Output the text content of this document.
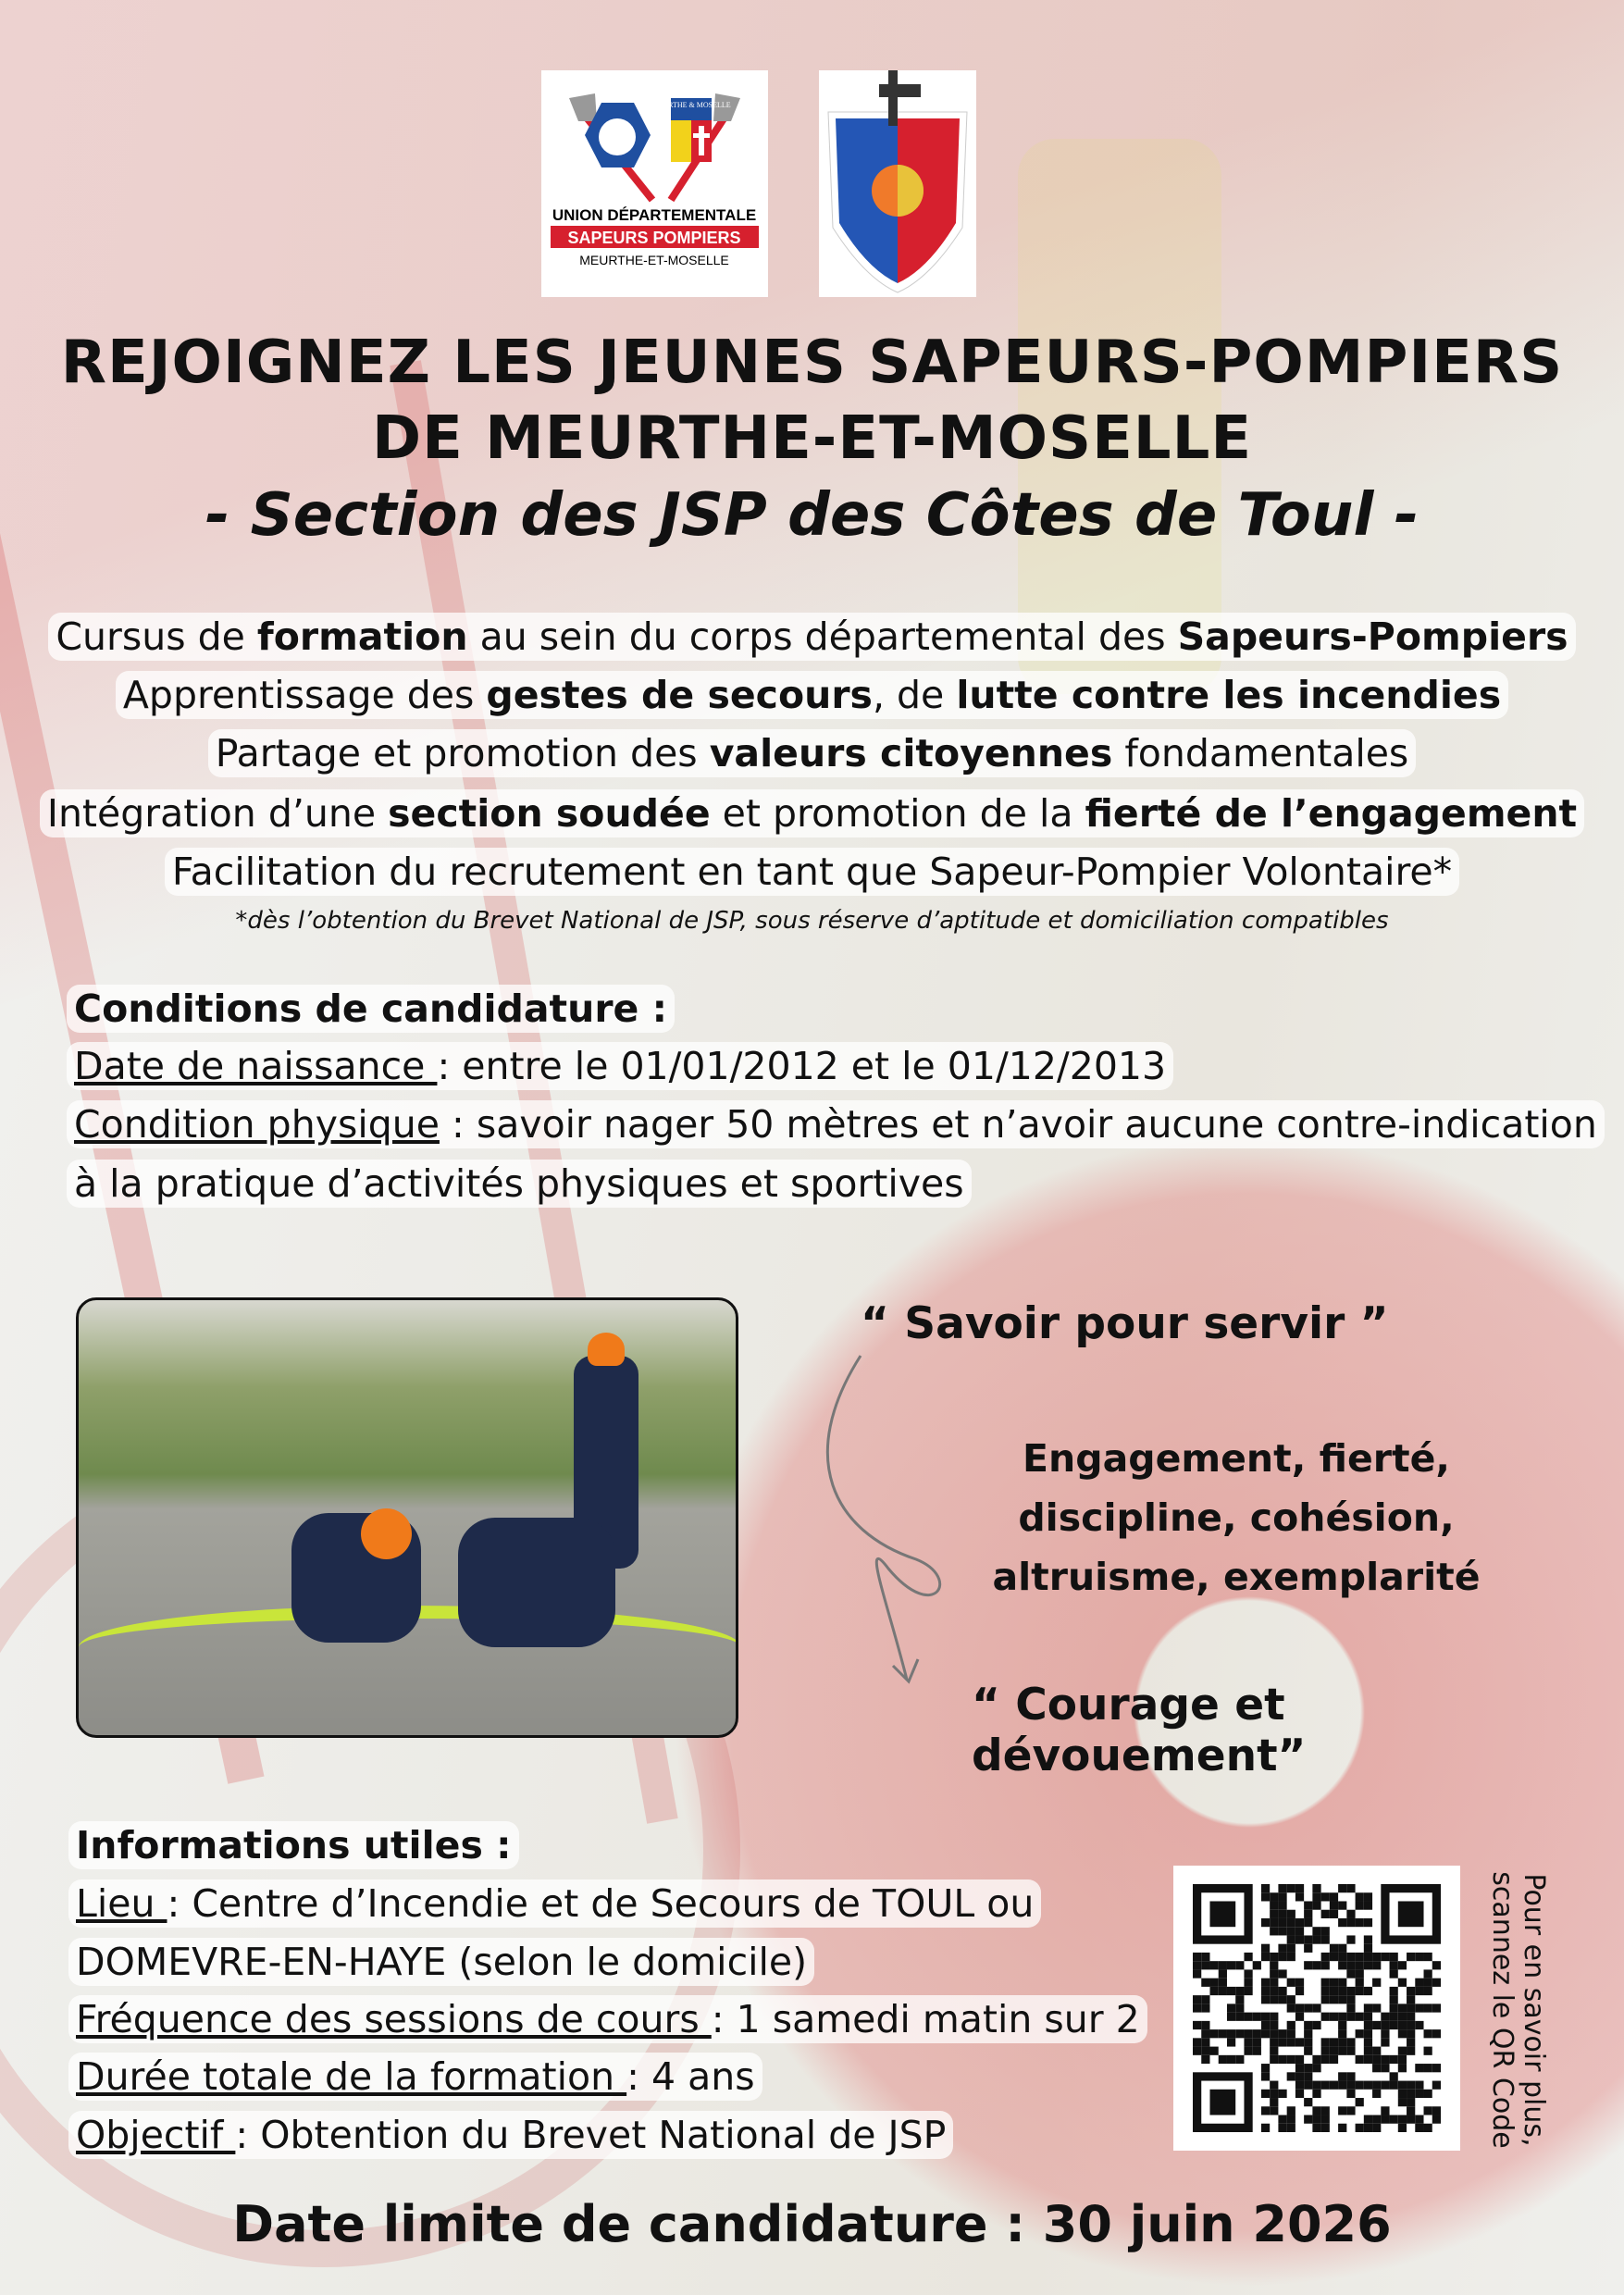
MEURTHE & MOSELLE
UNION DÉPARTEMENTALE
SAPEURS POMPIERS
MEURTHE-ET-MOSELLE
REJOIGNEZ LES JEUNES SAPEURS-POMPIERS
DE MEURTHE-ET-MOSELLE
- Section des JSP des Côtes de Toul -
Cursus de formation au sein du corps départemental des Sapeurs-Pompiers
Apprentissage des gestes de secours, de lutte contre les incendies
Partage et promotion des valeurs citoyennes fondamentales
Intégration d’une section soudée et promotion de la fierté de l’engagement
Facilitation du recrutement en tant que Sapeur-Pompier Volontaire*
*dès l’obtention du Brevet National de JSP, sous réserve d’aptitude et domiciliation compatibles
Conditions de candidature :
Date de naissance : entre le 01/01/2012 et le 01/12/2013
Condition physique : savoir nager 50 mètres et n’avoir aucune contre-indication
à la pratique d’activités physiques et sportives
“ Savoir pour servir ”
Engagement, fierté,
discipline, cohésion,
altruisme, exemplarité
“ Courage et dévouement”
Informations utiles :
Lieu : Centre d’Incendie et de Secours de TOUL ou
DOMEVRE-EN-HAYE (selon le domicile)
Fréquence des sessions de cours : 1 samedi matin sur 2
Durée totale de la formation : 4 ans
Objectif : Obtention du Brevet National de JSP	Pour en savoir plus,
scannez le QR Code
Date limite de candidature : 30 juin 2026
